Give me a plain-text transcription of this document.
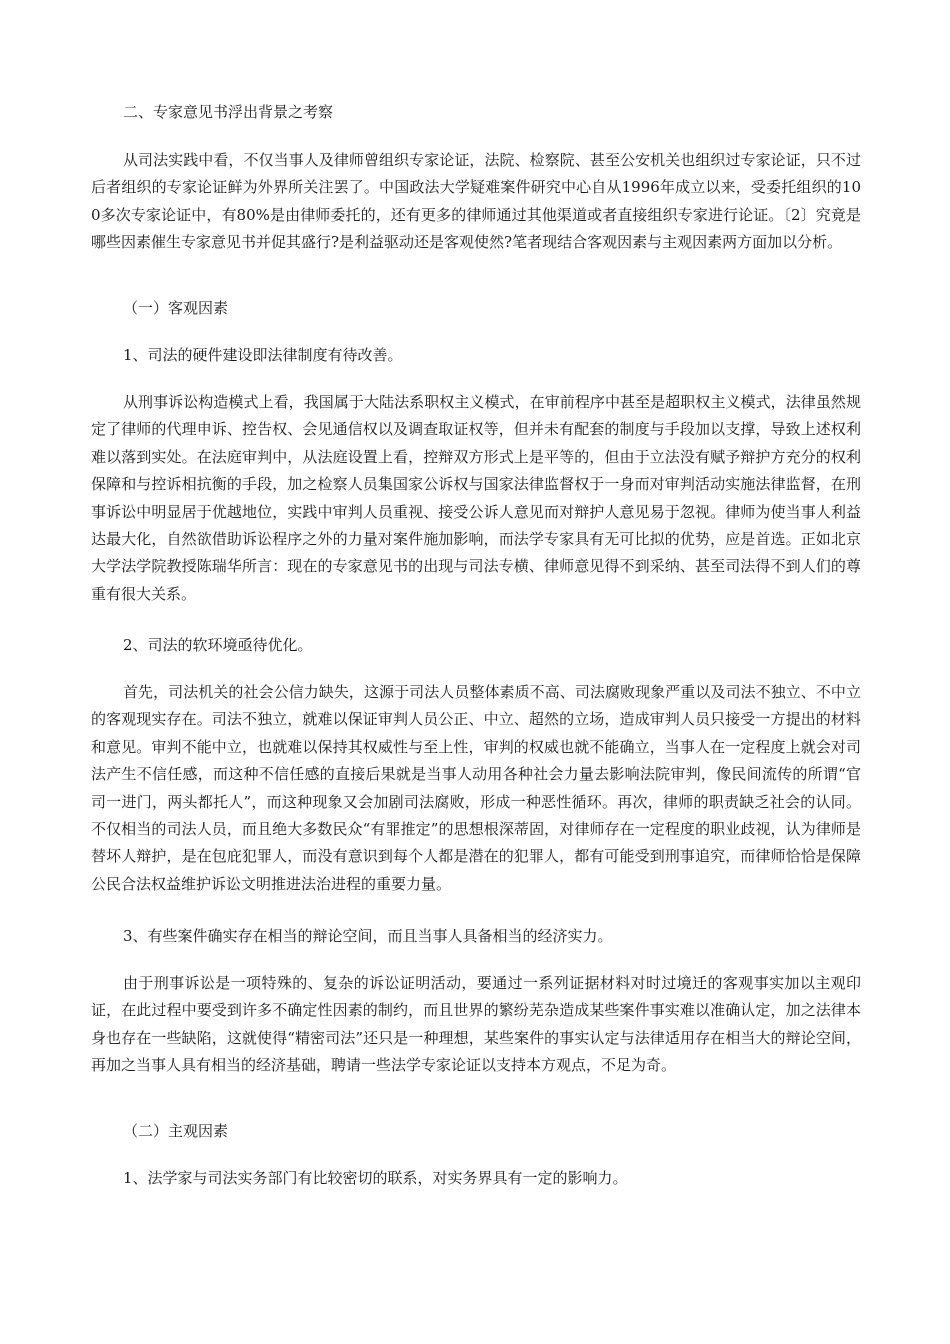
二、专家意见书浮出背景之考察

从司法实践中看，不仅当事人及律师曾组织专家论证，法院、检察院、甚至公安机关也组织过专家论证，只不过后者组织的专家论证鲜为外界所关注罢了。中国政法大学疑难案件研究中心自从1996年成立以来，受委托组织的100多次专家论证中，有80%是由律师委托的，还有更多的律师通过其他渠道或者直接组织专家进行论证。〔2〕究竟是哪些因素催生专家意见书并促其盛行?是利益驱动还是客观使然?笔者现结合客观因素与主观因素两方面加以分析。

（一）客观因素

1、司法的硬件建设即法律制度有待改善。

从刑事诉讼构造模式上看，我国属于大陆法系职权主义模式，在审前程序中甚至是超职权主义模式，法律虽然规定了律师的代理申诉、控告权、会见通信权以及调查取证权等，但并未有配套的制度与手段加以支撑，导致上述权利难以落到实处。在法庭审判中，从法庭设置上看，控辩双方形式上是平等的，但由于立法没有赋予辩护方充分的权利保障和与控诉相抗衡的手段，加之检察人员集国家公诉权与国家法律监督权于一身而对审判活动实施法律监督，在刑事诉讼中明显居于优越地位，实践中审判人员重视、接受公诉人意见而对辩护人意见易于忽视。律师为使当事人利益达最大化，自然欲借助诉讼程序之外的力量对案件施加影响，而法学专家具有无可比拟的优势，应是首选。正如北京大学法学院教授陈瑞华所言：现在的专家意见书的出现与司法专横、律师意见得不到采纳、甚至司法得不到人们的尊重有很大关系。

2、司法的软环境亟待优化。

首先，司法机关的社会公信力缺失，这源于司法人员整体素质不高、司法腐败现象严重以及司法不独立、不中立的客观现实存在。司法不独立，就难以保证审判人员公正、中立、超然的立场，造成审判人员只接受一方提出的材料和意见。审判不能中立，也就难以保持其权威性与至上性，审判的权威也就不能确立，当事人在一定程度上就会对司法产生不信任感，而这种不信任感的直接后果就是当事人动用各种社会力量去影响法院审判，像民间流传的所谓“官司一进门，两头都托人”，而这种现象又会加剧司法腐败，形成一种恶性循环。再次，律师的职责缺乏社会的认同。不仅相当的司法人员，而且绝大多数民众“有罪推定”的思想根深蒂固，对律师存在一定程度的职业歧视，认为律师是替坏人辩护，是在包庇犯罪人，而没有意识到每个人都是潜在的犯罪人，都有可能受到刑事追究，而律师恰恰是保障公民合法权益维护诉讼文明推进法治进程的重要力量。

3、有些案件确实存在相当的辩论空间，而且当事人具备相当的经济实力。

由于刑事诉讼是一项特殊的、复杂的诉讼证明活动，要通过一系列证据材料对时过境迁的客观事实加以主观印证，在此过程中要受到许多不确定性因素的制约，而且世界的繁纷芜杂造成某些案件事实难以准确认定，加之法律本身也存在一些缺陷，这就使得“精密司法”还只是一种理想，某些案件的事实认定与法律适用存在相当大的辩论空间，再加之当事人具有相当的经济基础，聘请一些法学专家论证以支持本方观点，不足为奇。

（二）主观因素

1、法学家与司法实务部门有比较密切的联系，对实务界具有一定的影响力。
